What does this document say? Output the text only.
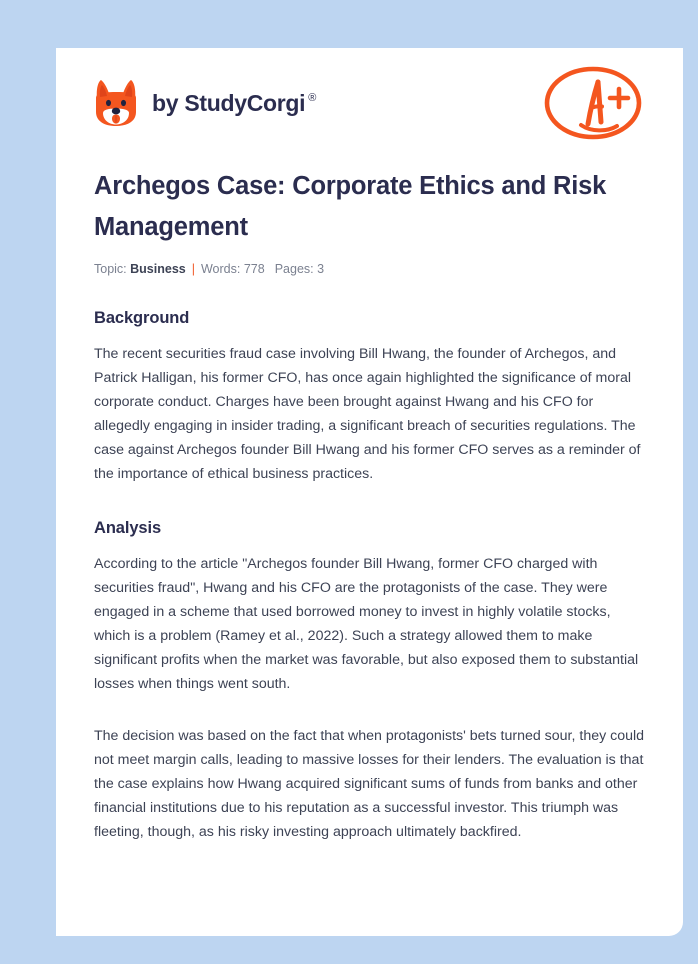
by StudyCorgi ®
Archegos Case: Corporate Ethics and Risk Management
Topic:
Business | Words:
778 Pages:
3
Background

The recent securities fraud case involving Bill Hwang, the founder of Archegos, and Patrick Halligan, his former CFO, has once again highlighted the significance of moral corporate conduct. Charges have been brought against Hwang and his CFO for allegedly engaging in insider trading, a significant breach of securities regulations. The case against Archegos founder Bill Hwang and his former CFO serves as a reminder of the importance of ethical business practices.

Analysis

According to the article "Archegos founder Bill Hwang, former CFO charged with securities fraud", Hwang and his CFO are the protagonists of the case. They were engaged in a scheme that used borrowed money to invest in highly volatile stocks, which is a problem (Ramey et al., 2022). Such a strategy allowed them to make significant profits when the market was favorable, but also exposed them to substantial losses when things went south.

The decision was based on the fact that when protagonists' bets turned sour, they could not meet margin calls, leading to massive losses for their lenders. The evaluation is that the case explains how Hwang acquired significant sums of funds from banks and other financial institutions due to his reputation as a successful investor. This triumph was fleeting, though, as his risky investing approach ultimately backfired.
